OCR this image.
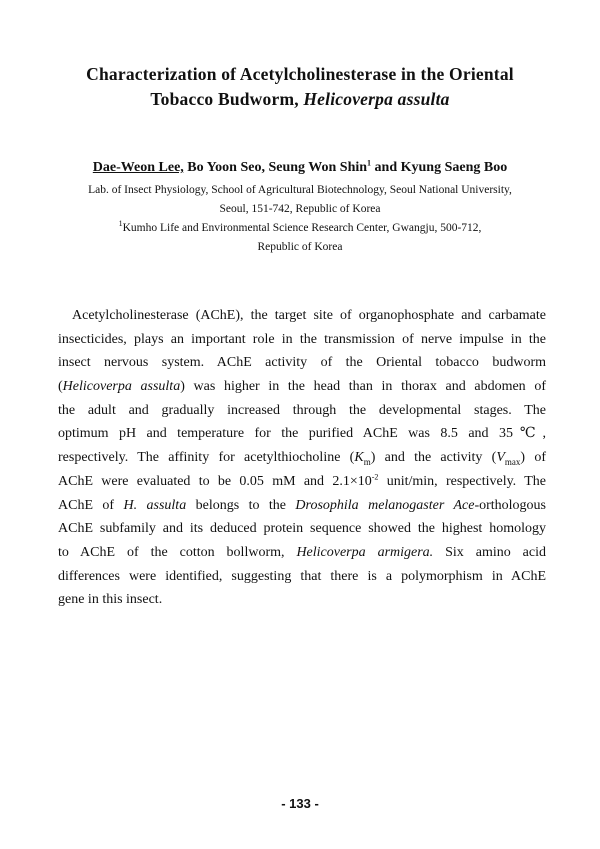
Characterization of Acetylcholinesterase in the Oriental
Tobacco Budworm, Helicoverpa assulta
Dae-Weon Lee, Bo Yoon Seo, Seung Won Shin$^1$ and Kyung Saeng Boo
Lab. of Insect Physiology, School of Agricultural Biotechnology, Seoul National University,
Seoul, 151-742, Republic of Korea
$^1$Kumho Life and Environmental Science Research Center, Gwangju, 500-712,
Republic of Korea
Acetylcholinesterase (AChE), the target site of organophosphate and carbamate
insecticides, plays an important role in the transmission of nerve impulse in the
insect nervous system. AChE activity of the Oriental tobacco budworm
(Helicoverpa assulta) was higher in the head than in thorax and abdomen of
the adult and gradually increased through the developmental stages. The
optimum pH and temperature for the purified AChE was 8.5 and 35℃,
respectively. The affinity for acetylthiocholine $(K_m)$ and the activity $(V_{max})$ of
AChE were evaluated to be 0.05 mM and $2.1\times 10^{-2}$ unit/min, respectively. The
AChE of H. assulta belongs to the Drosophila melanogaster Ace-orthologous
AChE subfamily and its deduced protein sequence showed the highest homology
to AChE of the cotton bollworm, Helicoverpa armigera. Six amino acid
differences were identified, suggesting that there is a polymorphism in AChE
gene in this insect.
- 133 -
